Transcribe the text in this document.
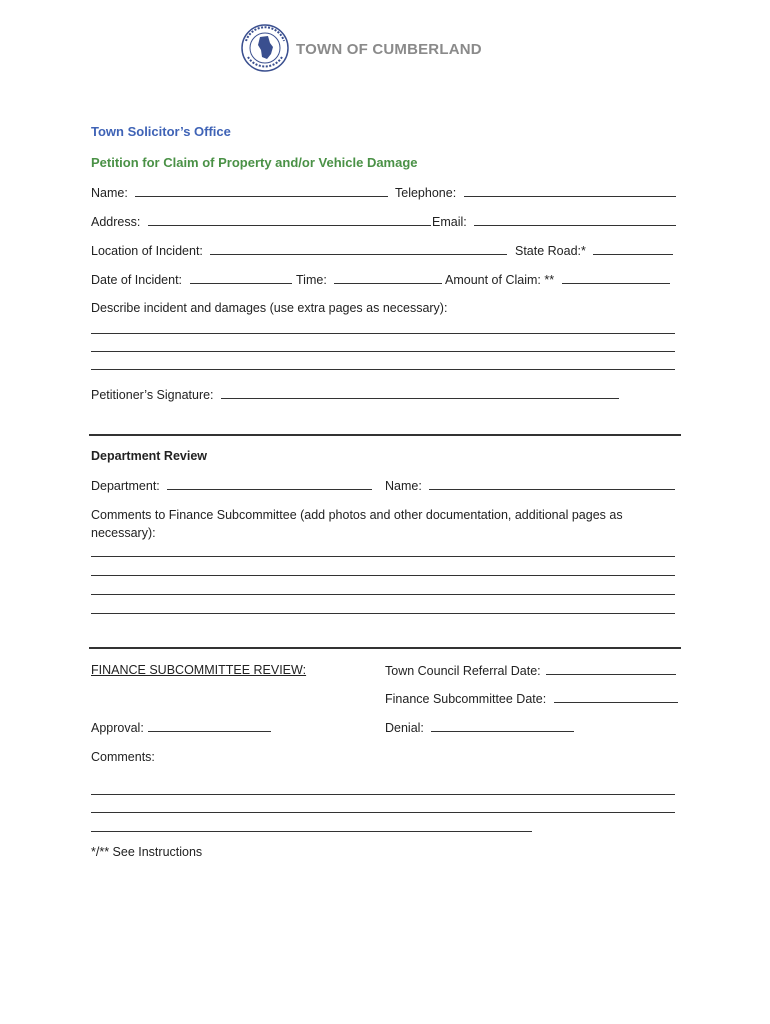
TOWN OF CUMBERLAND
Town Solicitor’s Office
Petition for Claim of Property and/or Vehicle Damage
Name:	Telephone:
Address:	Email:
Location of Incident:	State Road:*
Date of Incident:	Time:	Amount of Claim: **
Describe incident and damages (use extra pages as necessary):
Petitioner’s Signature:
Department Review
Department:	Name:
Comments to Finance Subcommittee (add photos and other documentation, additional pages as
necessary):
FINANCE SUBCOMMITTEE REVIEW:	Town Council Referral Date:
Finance Subcommittee Date:
Approval:	Denial:
Comments:
*/** See Instructions
